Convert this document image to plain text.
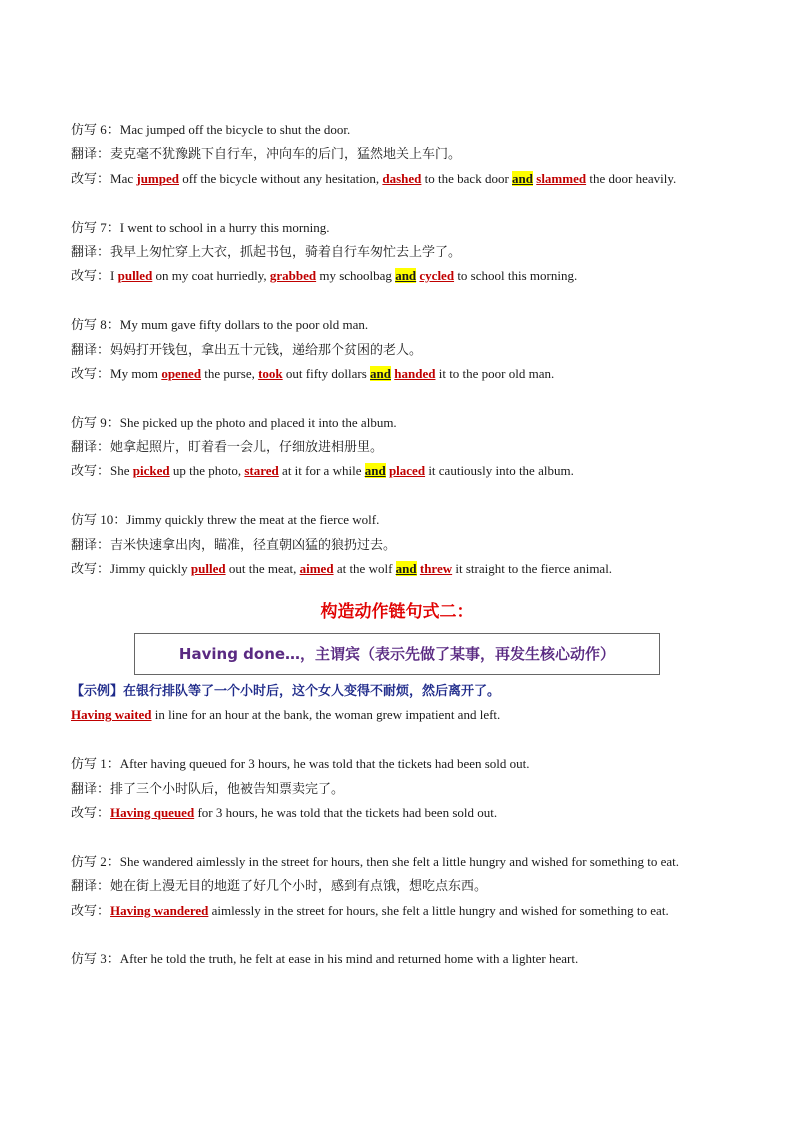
仿写 6：Mac jumped off the bicycle to shut the door.
翻译：麦克毫不犹豫跳下自行车，冲向车的后门，猛然地关上车门。
改写：Mac jumped off the bicycle without any hesitation, dashed to the back door and slammed the door heavily.
仿写 7：I went to school in a hurry this morning.
翻译：我早上匆忙穿上大衣，抓起书包，骑着自行车匆忙去上学了。
改写：I pulled on my coat hurriedly, grabbed my schoolbag and cycled to school this morning.
仿写 8：My mum gave fifty dollars to the poor old man.
翻译：妈妈打开钱包，拿出五十元钱，递给那个贫困的老人。
改写：My mom opened the purse, took out fifty dollars and handed it to the poor old man.
仿写 9：She picked up the photo and placed it into the album.
翻译：她拿起照片，盯着看一会儿，仔细放进相册里。
改写：She picked up the photo, stared at it for a while and placed it cautiously into the album.
仿写 10：Jimmy quickly threw the meat at the fierce wolf.
翻译：吉米快速拿出肉，瞄准，径直朝凶猛的狼扔过去。
改写：Jimmy quickly pulled out the meat, aimed at the wolf and threw it straight to the fierce animal.
构造动作链句式二：
Having done…，主谓宾（表示先做了某事，再发生核心动作）
【示例】在银行排队等了一个小时后，这个女人变得不耐烦，然后离开了。
Having waited in line for an hour at the bank, the woman grew impatient and left.
仿写 1：After having queued for 3 hours, he was told that the tickets had been sold out.
翻译：排了三个小时队后，他被告知票卖完了。
改写：Having queued for 3 hours, he was told that the tickets had been sold out.
仿写 2：She wandered aimlessly in the street for hours, then she felt a little hungry and wished for something to eat.
翻译：她在街上漫无目的地逛了好几个小时，感到有点饿，想吃点东西。
改写：Having wandered aimlessly in the street for hours, she felt a little hungry and wished for something to eat.
仿写 3：After he told the truth, he felt at ease in his mind and returned home with a lighter heart.
